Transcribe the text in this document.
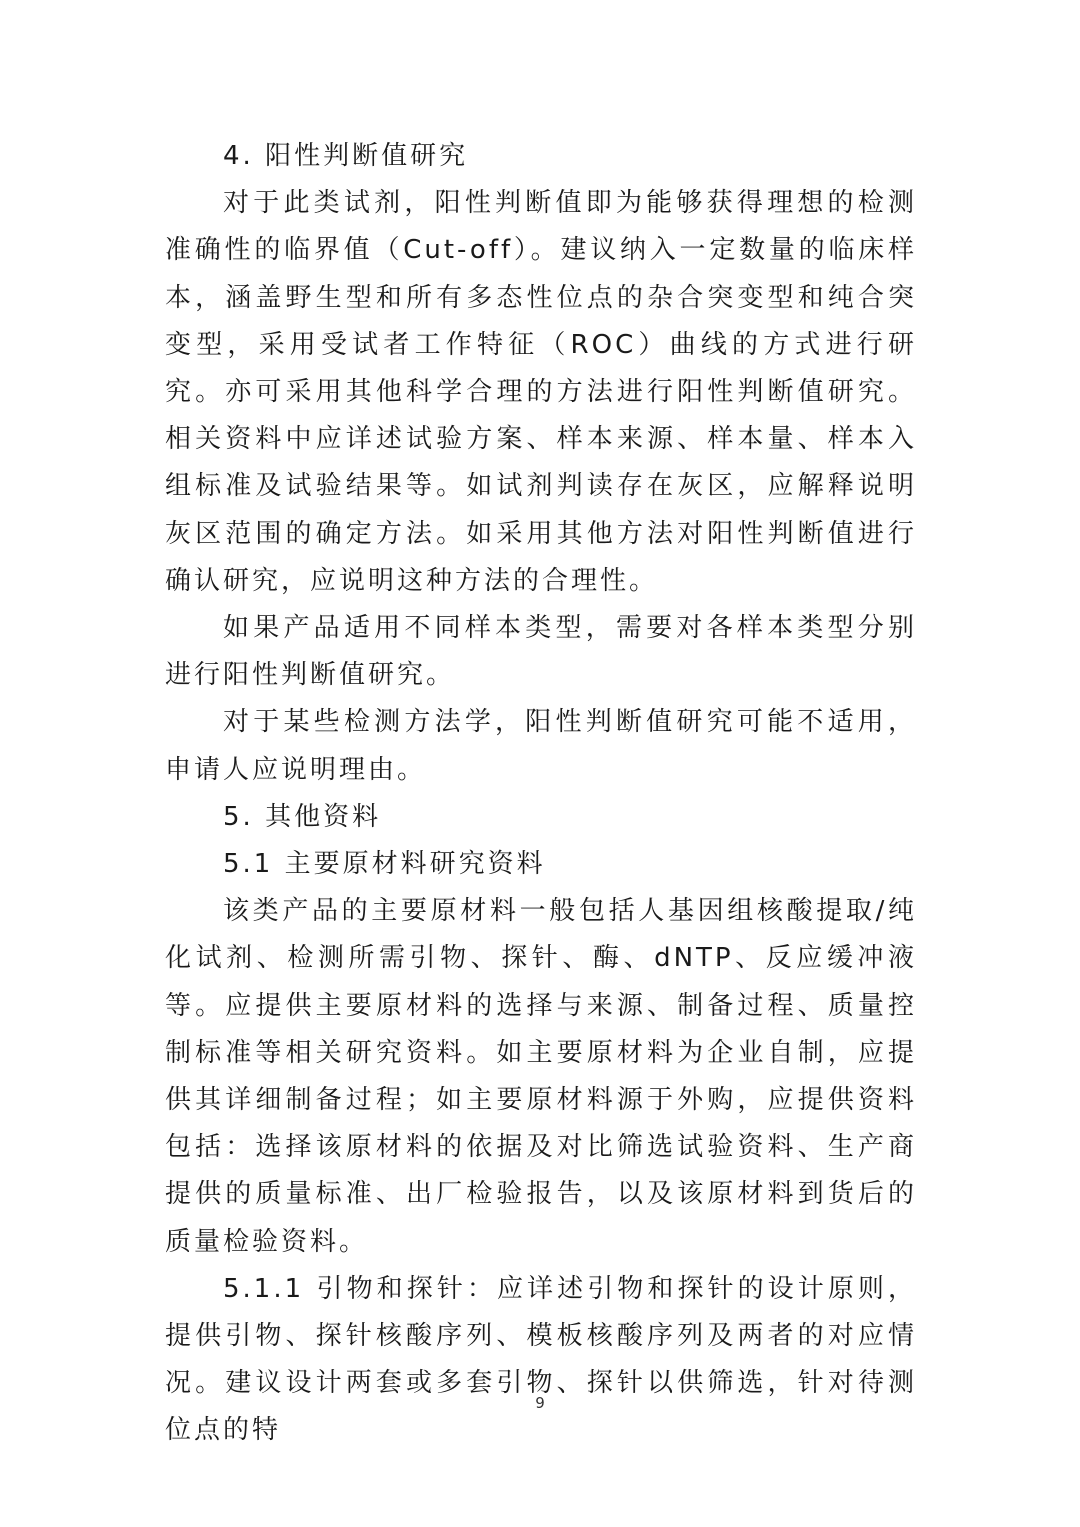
4. 阳性判断值研究

对于此类试剂，阳性判断值即为能够获得理想的检测准确性的临界值（Cut-off）。建议纳入一定数量的临床样本，涵盖野生型和所有多态性位点的杂合突变型和纯合突变型，采用受试者工作特征（ROC）曲线的方式进行研究。亦可采用其他科学合理的方法进行阳性判断值研究。相关资料中应详述试验方案、样本来源、样本量、样本入组标准及试验结果等。如试剂判读存在灰区，应解释说明灰区范围的确定方法。如采用其他方法对阳性判断值进行确认研究，应说明这种方法的合理性。

如果产品适用不同样本类型，需要对各样本类型分别进行阳性判断值研究。

对于某些检测方法学，阳性判断值研究可能不适用，申请人应说明理由。

5. 其他资料

5.1 主要原材料研究资料

该类产品的主要原材料一般包括人基因组核酸提取/纯化试剂、检测所需引物、探针、酶、dNTP、反应缓冲液等。应提供主要原材料的选择与来源、制备过程、质量控制标准等相关研究资料。如主要原材料为企业自制，应提供其详细制备过程；如主要原材料源于外购，应提供资料包括：选择该原材料的依据及对比筛选试验资料、生产商提供的质量标准、出厂检验报告，以及该原材料到货后的质量检验资料。

5.1.1 引物和探针：应详述引物和探针的设计原则，提供引物、探针核酸序列、模板核酸序列及两者的对应情况。建议设计两套或多套引物、探针以供筛选，针对待测位点的特

9
